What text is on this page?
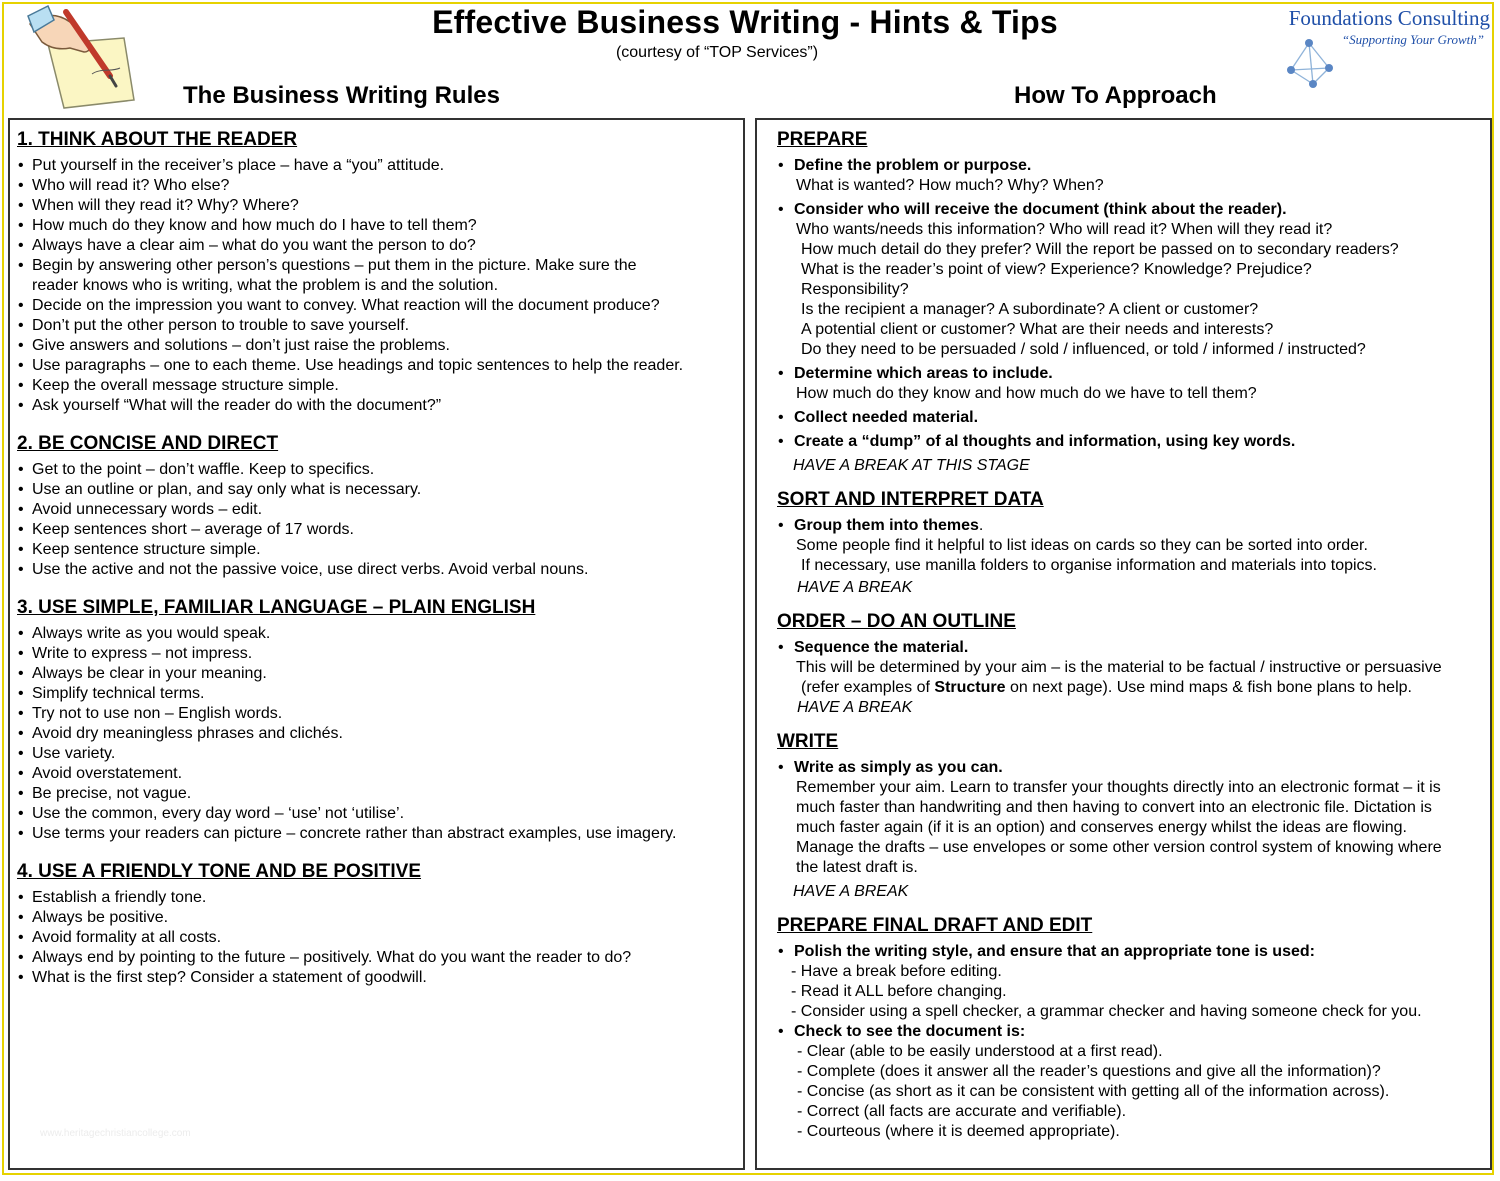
Effective Business Writing - Hints & Tips
(courtesy of “TOP Services”)
Foundations Consulting
“Supporting Your Growth”
The Business Writing Rules	How To Approach
1. THINK ABOUT THE READER
• Put yourself in the receiver’s place – have a “you” attitude.
• Who will read it? Who else?
• When will they read it? Why? Where?
• How much do they know and how much do I have to tell them?
• Always have a clear aim – what do you want the person to do?
• Begin by answering other person’s questions – put them in the picture. Make sure the reader knows who is writing, what the problem is and the solution.
• Decide on the impression you want to convey. What reaction will the document produce?
• Don’t put the other person to trouble to save yourself.
• Give answers and solutions – don’t just raise the problems.
• Use paragraphs – one to each theme. Use headings and topic sentences to help the reader.
• Keep the overall message structure simple.
• Ask yourself “What will the reader do with the document?”
2. BE CONCISE AND DIRECT
• Get to the point – don’t waffle. Keep to specifics.
• Use an outline or plan, and say only what is necessary.
• Avoid unnecessary words – edit.
• Keep sentences short – average of 17 words.
• Keep sentence structure simple.
• Use the active and not the passive voice, use direct verbs. Avoid verbal nouns.
3. USE SIMPLE, FAMILIAR LANGUAGE – PLAIN ENGLISH
• Always write as you would speak.
• Write to express – not impress.
• Always be clear in your meaning.
• Simplify technical terms.
• Try not to use non – English words.
• Avoid dry meaningless phrases and clichés.
• Use variety.
• Avoid overstatement.
• Be precise, not vague.
• Use the common, every day word – ‘use’ not ‘utilise’.
• Use terms your readers can picture – concrete rather than abstract examples, use imagery.
4. USE A FRIENDLY TONE AND BE POSITIVE
• Establish a friendly tone.
• Always be positive.
• Avoid formality at all costs.
• Always end by pointing to the future – positively. What do you want the reader to do?
• What is the first step? Consider a statement of goodwill.
PREPARE
• Define the problem or purpose.
What is wanted? How much? Why? When?
• Consider who will receive the document (think about the reader).
Who wants/needs this information? Who will read it? When will they read it?
How much detail do they prefer? Will the report be passed on to secondary readers?
What is the reader’s point of view? Experience? Knowledge? Prejudice?
Responsibility?
Is the recipient a manager? A subordinate? A client or customer?
A potential client or customer? What are their needs and interests?
Do they need to be persuaded / sold / influenced, or told / informed / instructed?
• Determine which areas to include.
How much do they know and how much do we have to tell them?
• Collect needed material.
• Create a “dump” of al thoughts and information, using key words.
HAVE A BREAK AT THIS STAGE
SORT AND INTERPRET DATA
• Group them into themes.
Some people find it helpful to list ideas on cards so they can be sorted into order.
If necessary, use manilla folders to organise information and materials into topics.
HAVE A BREAK
ORDER – DO AN OUTLINE
• Sequence the material.
This will be determined by your aim – is the material to be factual / instructive or persuasive
(refer examples of Structure on next page). Use mind maps & fish bone plans to help.
HAVE A BREAK
WRITE
• Write as simply as you can.
Remember your aim. Learn to transfer your thoughts directly into an electronic format – it is
much faster than handwriting and then having to convert into an electronic file. Dictation is
much faster again (if it is an option) and conserves energy whilst the ideas are flowing.
Manage the drafts – use envelopes or some other version control system of knowing where
the latest draft is.
HAVE A BREAK
PREPARE FINAL DRAFT AND EDIT
• Polish the writing style, and ensure that an appropriate tone is used:
- Have a break before editing.
- Read it ALL before changing.
- Consider using a spell checker, a grammar checker and having someone check for you.
• Check to see the document is:
- Clear (able to be easily understood at a first read).
- Complete (does it answer all the reader’s questions and give all the information)?
- Concise (as short as it can be consistent with getting all of the information across).
- Correct (all facts are accurate and verifiable).
- Courteous (where it is deemed appropriate).
www.heritagechristiancollege.com
